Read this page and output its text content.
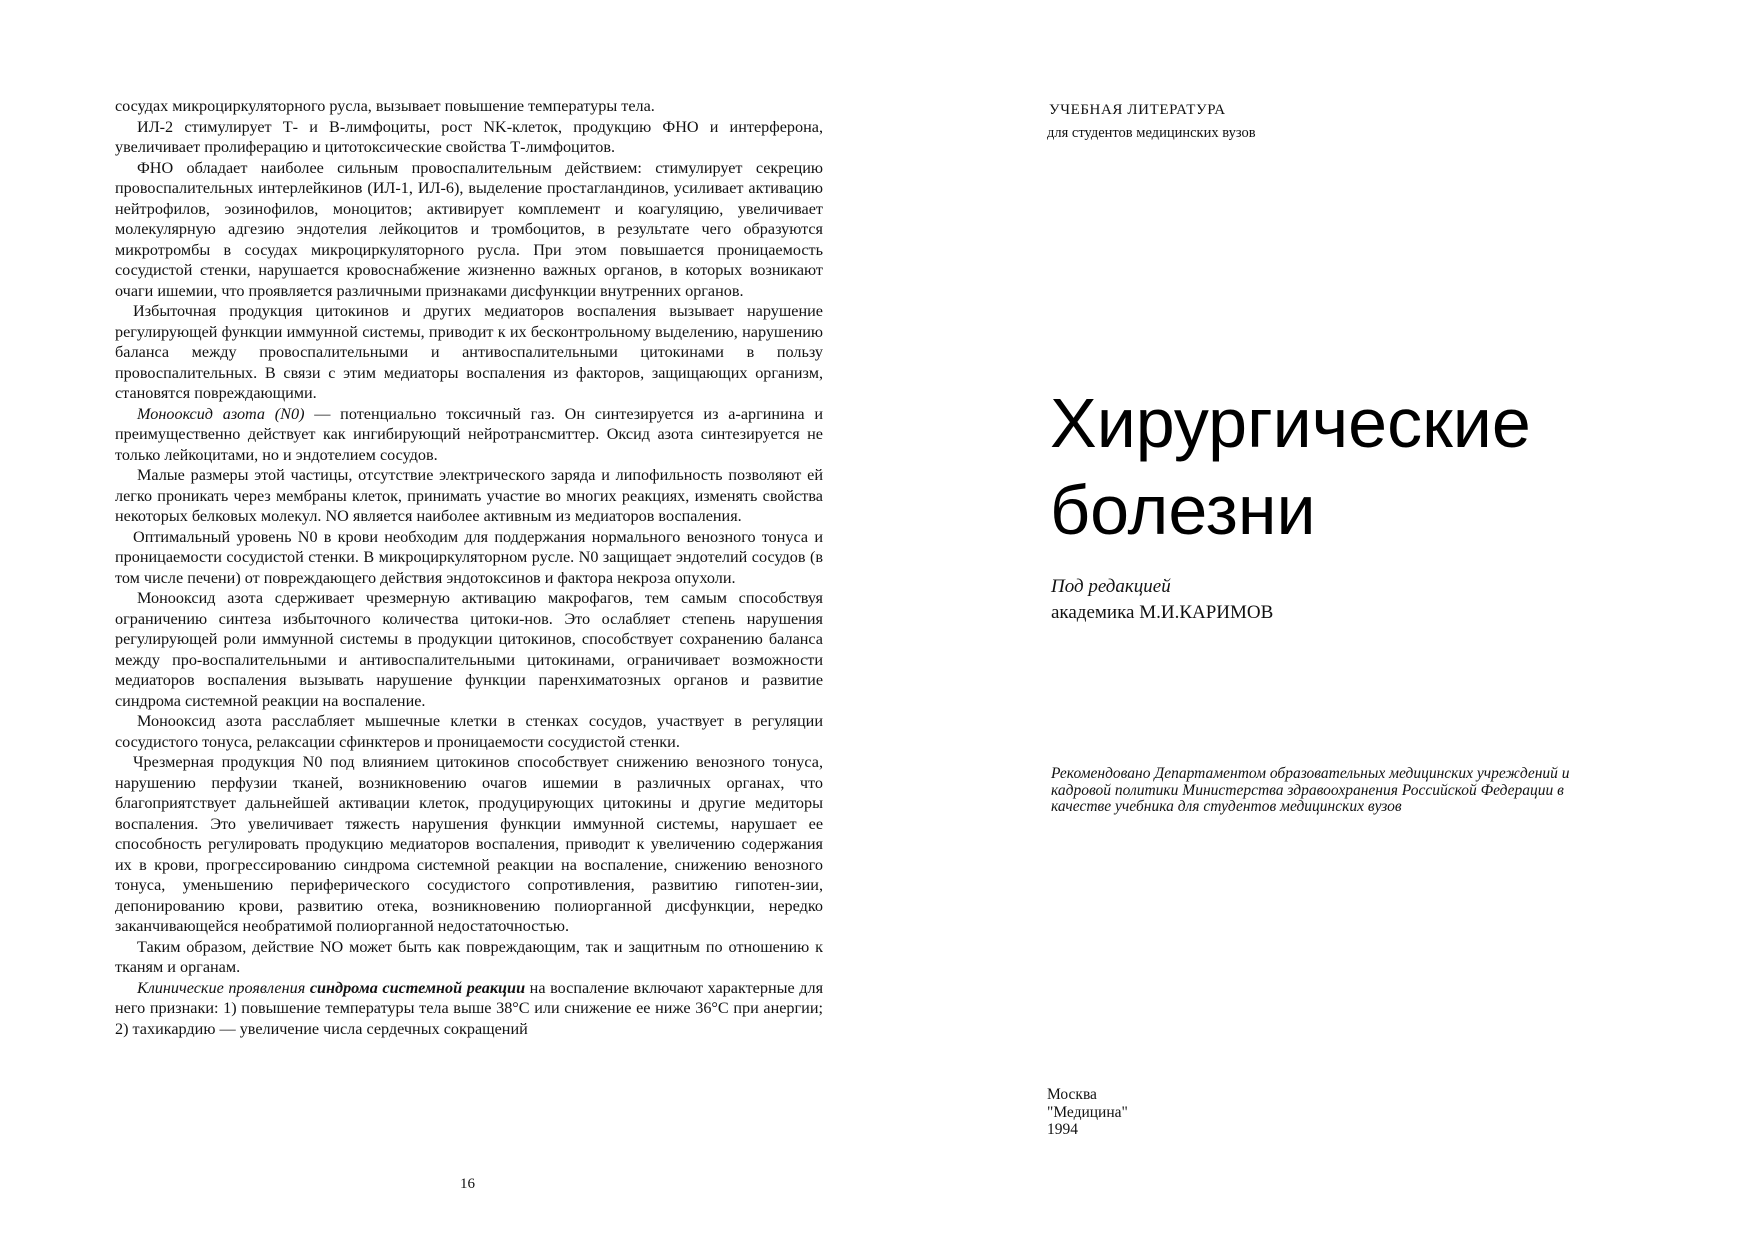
сосудах микроциркуляторного русла, вызывает повышение температуры тела.

ИЛ-2 стимулирует Т- и В-лимфоциты, рост NK-клеток, продукцию ФНО и интерферона, увеличивает пролиферацию и цитотоксические свойства Т-лимфоцитов.

ФНО обладает наиболее сильным провоспалительным действием: стимулирует секрецию провоспалительных интерлейкинов (ИЛ-1, ИЛ-6), выделение простагландинов, усиливает активацию нейтрофилов, эозинофилов, моноцитов; активирует комплемент и коагуляцию, увеличивает молекулярную адгезию эндотелия лейкоцитов и тромбоцитов, в результате чего образуются микротромбы в сосудах микроциркуляторного русла. При этом повышается проницаемость сосудистой стенки, нарушается кровоснабжение жизненно важных органов, в которых возникают очаги ишемии, что проявляется различными признаками дисфункции внутренних органов.

Избыточная продукция цитокинов и других медиаторов воспаления вызывает нарушение регулирующей функции иммунной системы, приводит к их бесконтрольному выделению, нарушению баланса между провоспалительными и антивоспалительными цитокинами в пользу провоспалительных. В связи с этим медиаторы воспаления из факторов, защищающих организм, становятся повреждающими.

Монооксид азота (N0) — потенциально токсичный газ. Он синтезируется из а-аргинина и преимущественно действует как ингибирующий нейротрансмиттер. Оксид азота синтезируется не только лейкоцитами, но и эндотелием сосудов.

Малые размеры этой частицы, отсутствие электрического заряда и липофильность позволяют ей легко проникать через мембраны клеток, принимать участие во многих реакциях, изменять свойства некоторых белковых молекул. NO является наиболее активным из медиаторов воспаления.

Оптимальный уровень N0 в крови необходим для поддержания нормального венозного тонуса и проницаемости сосудистой стенки. В микроциркуляторном русле. N0 защищает эндотелий сосудов (в том числе печени) от повреждающего действия эндотоксинов и фактора некроза опухоли.

Монооксид азота сдерживает чрезмерную активацию макрофагов, тем самым способствуя ограничению синтеза избыточного количества цитоки-нов. Это ослабляет степень нарушения регулирующей роли иммунной системы в продукции цитокинов, способствует сохранению баланса между про-воспалительными и антивоспалительными цитокинами, ограничивает возможности медиаторов воспаления вызывать нарушение функции паренхиматозных органов и развитие синдрома системной реакции на воспаление.

Монооксид азота расслабляет мышечные клетки в стенках сосудов, участвует в регуляции сосудистого тонуса, релаксации сфинктеров и проницаемости сосудистой стенки.

Чрезмерная продукция N0 под влиянием цитокинов способствует снижению венозного тонуса, нарушению перфузии тканей, возникновению очагов ишемии в различных органах, что благоприятствует дальнейшей активации клеток, продуцирующих цитокины и другие медиторы воспаления. Это увеличивает тяжесть нарушения функции иммунной системы, нарушает ее способность регулировать продукцию медиаторов воспаления, приводит к увеличению содержания их в крови, прогрессированию синдрома системной реакции на воспаление, снижению венозного тонуса, уменьшению периферического сосудистого сопротивления, развитию гипотен-зии, депонированию крови, развитию отека, возникновению полиорганной дисфункции, нередко заканчивающейся необратимой полиорганной недостаточностью.

Таким образом, действие NO может быть как повреждающим, так и защитным по отношению к тканям и органам.

Клинические проявления синдрома системной реакции на воспаление включают характерные для него признаки: 1) повышение температуры тела выше 38°С или снижение ее ниже 36°С при анергии; 2) тахикардию — увеличение числа сердечных сокращений

16
УЧЕБНАЯ ЛИТЕРАТУРА
для студентов медицинских вузов
Хирургические
болезни
Под редакцией
академика М.И.КАРИМОВ
Рекомендовано Департаментом образовательных медицинских учреждений и кадровой политики Министерства здравоохранения Российской Федерации в качестве учебника для студентов медицинских вузов
Москва
"Медицина"
1994
